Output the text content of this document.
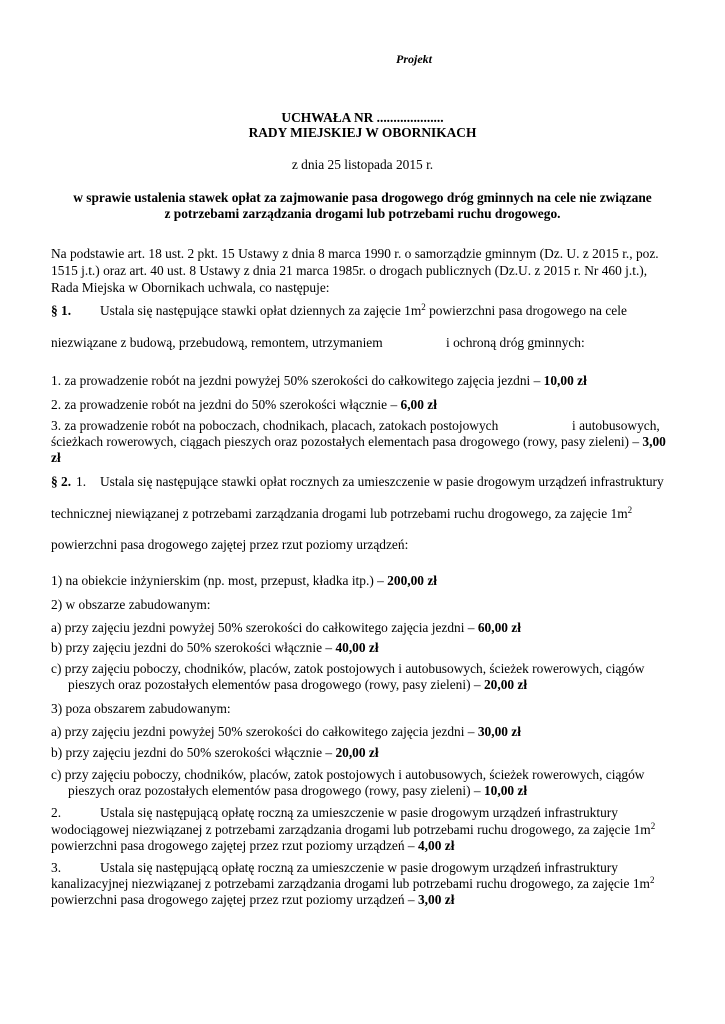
Projekt
UCHWAŁA NR ....................
RADY MIEJSKIEJ W OBORNIKACH
z dnia 25 listopada 2015 r.
w sprawie ustalenia stawek opłat za zajmowanie pasa drogowego dróg gminnych na cele nie związane
z potrzebami zarządzania drogami lub potrzebami ruchu drogowego.
Na podstawie art. 18 ust. 2 pkt. 15 Ustawy z dnia 8 marca 1990 r. o samorządzie gminnym (Dz. U. z 2015 r., poz.
1515 j.t.) oraz art. 40 ust. 8 Ustawy z dnia 21 marca 1985r. o drogach publicznych (Dz.U. z 2015 r. Nr 460 j.t.),
Rada Miejska w Obornikach uchwala, co następuje:
§ 1. Ustala się następujące stawki opłat dziennych za zajęcie $1m^2$ powierzchni pasa drogowego na cele
niezwiązane z budową, przebudową, remontem, utrzymaniem	i ochroną dróg gminnych:
1. za prowadzenie robót na jezdni powyżej 50% szerokości do całkowitego zajęcia jezdni – 10,00 zł
2. za prowadzenie robót na jezdni do 50% szerokości włącznie – 6,00 zł
3. za prowadzenie robót na poboczach, chodnikach, placach, zatokach postojowych	i autobusowych,
ścieżkach rowerowych, ciągach pieszych oraz pozostałych elementach pasa drogowego (rowy, pasy zieleni) – 3,00
zł
§ 2. 1. Ustala się następujące stawki opłat rocznych za umieszczenie w pasie drogowym urządzeń infrastruktury
technicznej niewiązanej z potrzebami zarządzania drogami lub potrzebami ruchu drogowego, za zajęcie $1m^2$
powierzchni pasa drogowego zajętej przez rzut poziomy urządzeń:
1) na obiekcie inżynierskim (np. most, przepust, kładka itp.) – 200,00 zł
2) w obszarze zabudowanym:
a) przy zajęciu jezdni powyżej 50% szerokości do całkowitego zajęcia jezdni – 60,00 zł
b) przy zajęciu jezdni do 50% szerokości włącznie – 40,00 zł
c) przy zajęciu poboczy, chodników, placów, zatok postojowych i autobusowych, ścieżek rowerowych, ciągów
pieszych oraz pozostałych elementów pasa drogowego (rowy, pasy zieleni) – 20,00 zł
3) poza obszarem zabudowanym:
a) przy zajęciu jezdni powyżej 50% szerokości do całkowitego zajęcia jezdni – 30,00 zł
b) przy zajęciu jezdni do 50% szerokości włącznie – 20,00 zł
c) przy zajęciu poboczy, chodników, placów, zatok postojowych i autobusowych, ścieżek rowerowych, ciągów
pieszych oraz pozostałych elementów pasa drogowego (rowy, pasy zieleni) – 10,00 zł
2.	Ustala się następującą opłatę roczną za umieszczenie w pasie drogowym urządzeń infrastruktury
wodociągowej niezwiązanej z potrzebami zarządzania drogami lub potrzebami ruchu drogowego, za zajęcie $1m^2$
powierzchni pasa drogowego zajętej przez rzut poziomy urządzeń – 4,00 zł
3.	Ustala się następującą opłatę roczną za umieszczenie w pasie drogowym urządzeń infrastruktury
kanalizacyjnej niezwiązanej z potrzebami zarządzania drogami lub potrzebami ruchu drogowego, za zajęcie $1m^2$
powierzchni pasa drogowego zajętej przez rzut poziomy urządzeń – 3,00 zł
